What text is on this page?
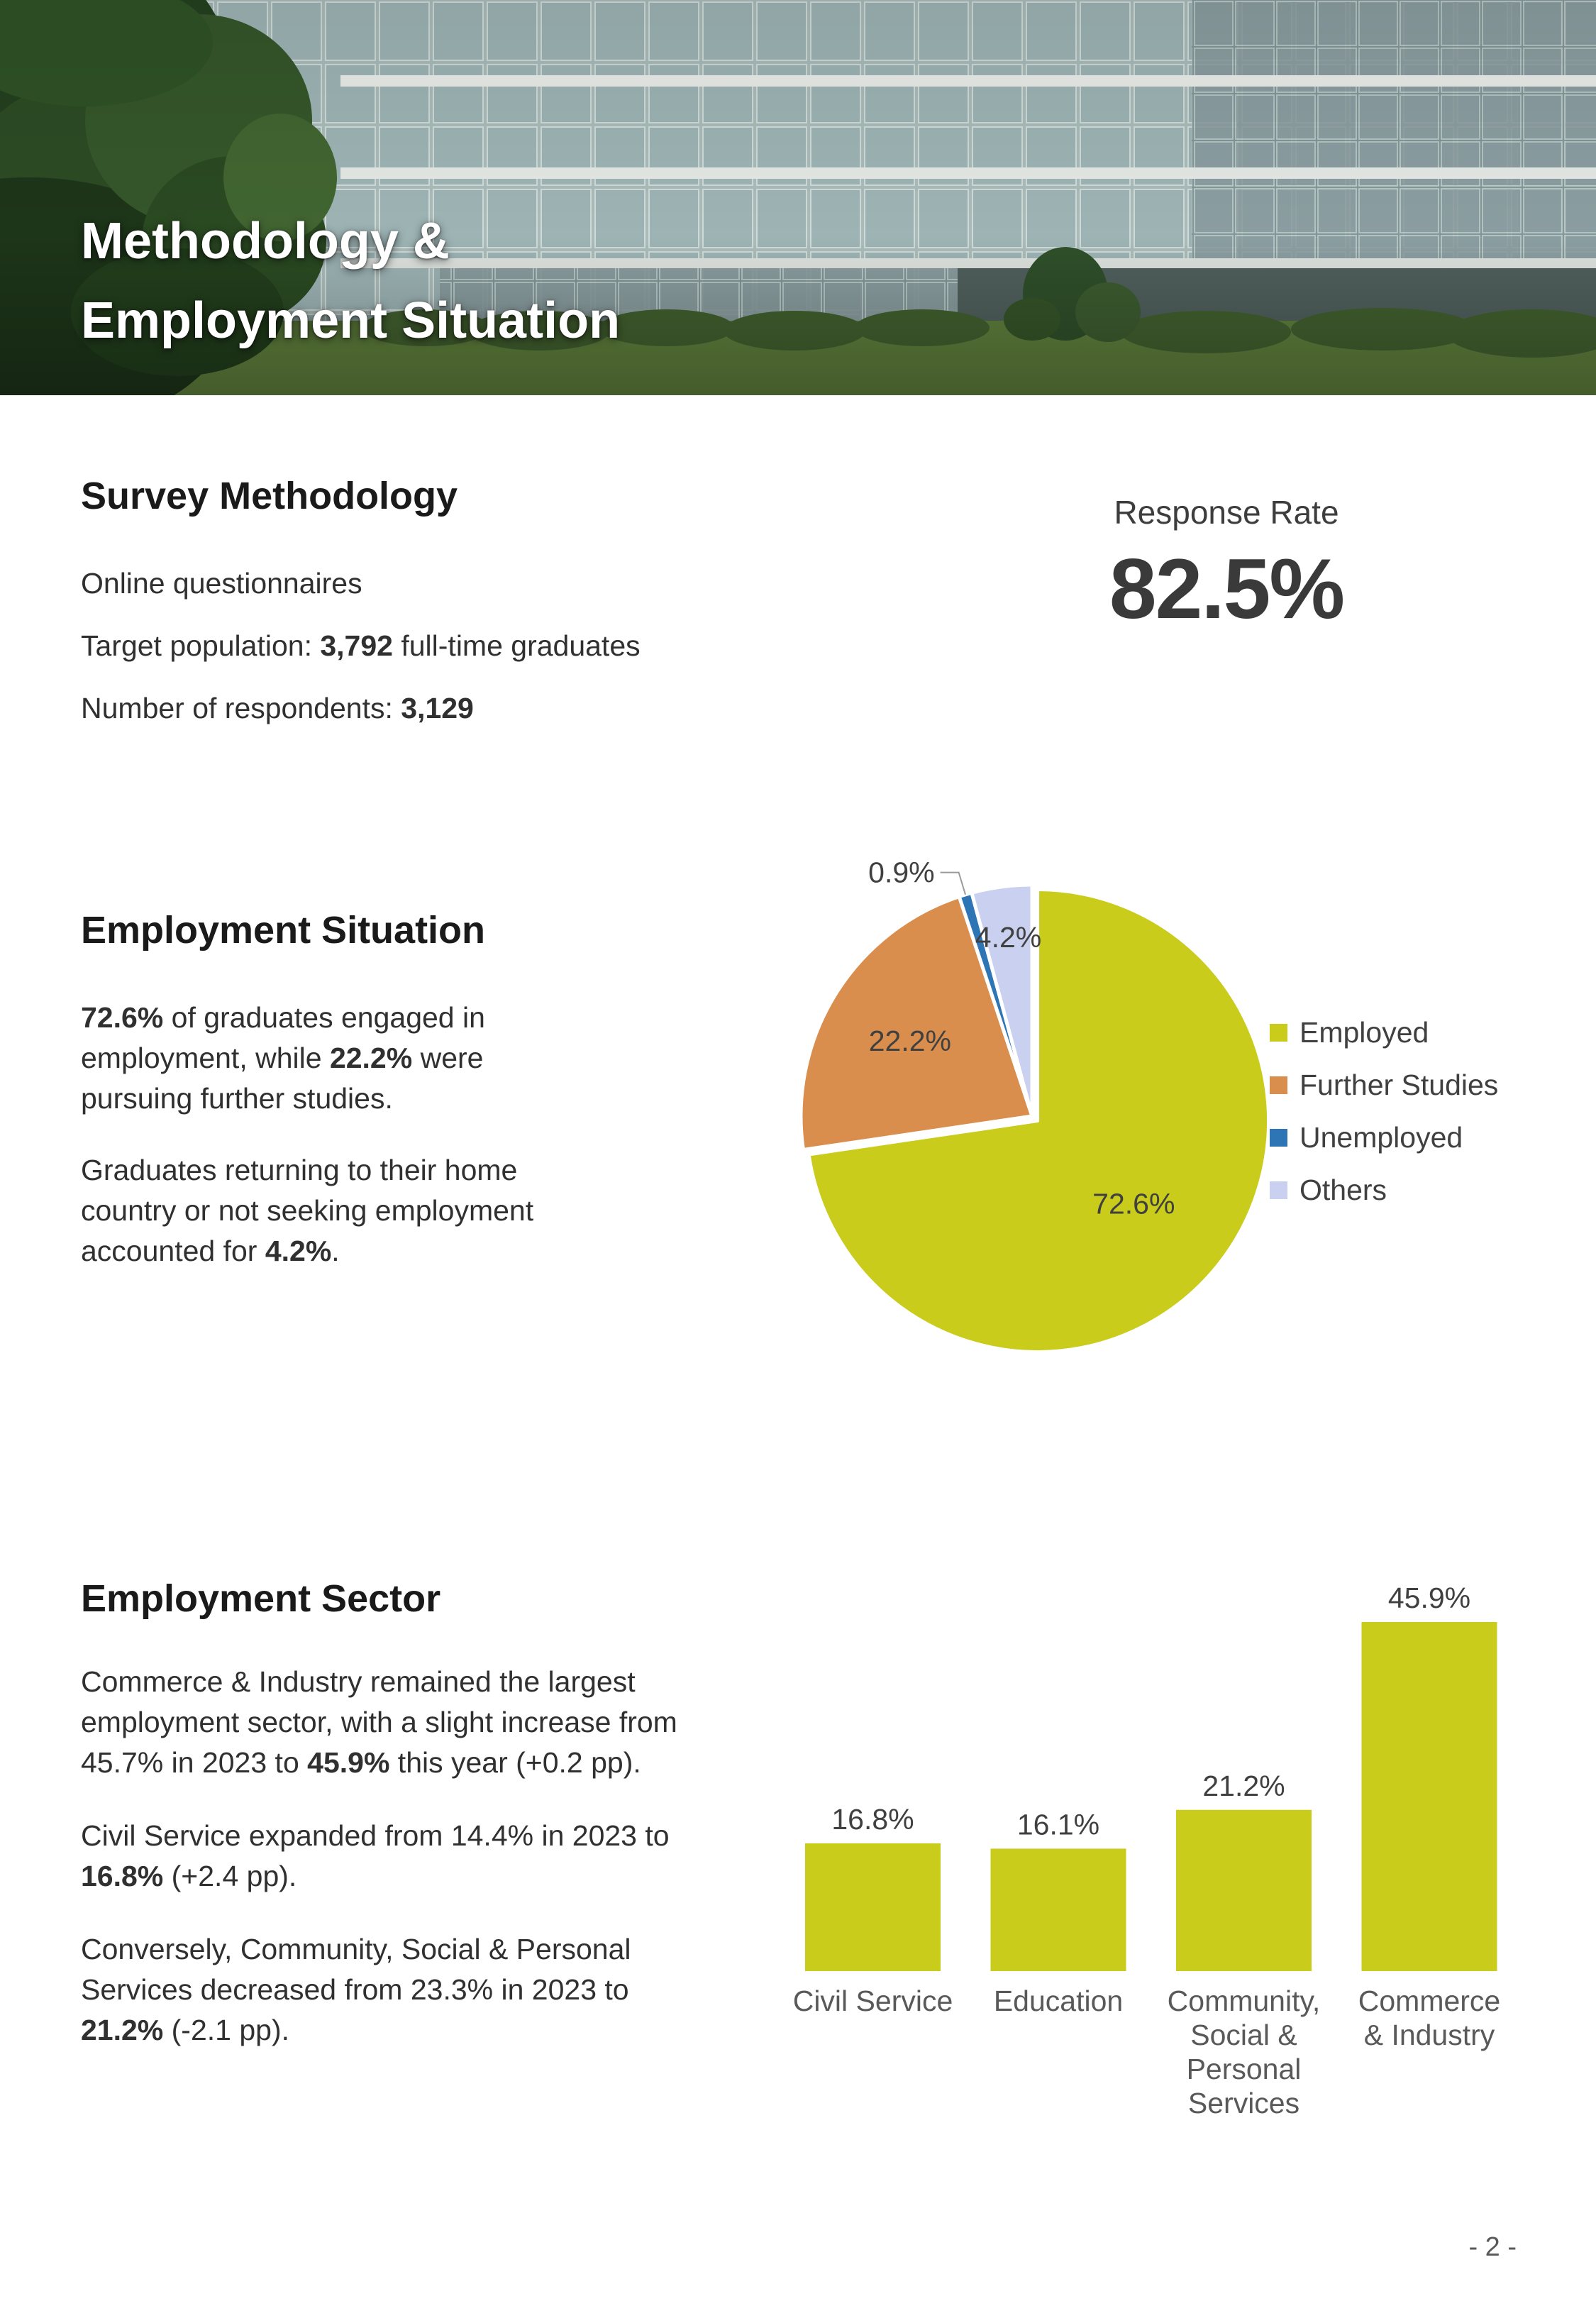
Methodology &
Employment Situation
Survey Methodology
Online questionnaires
Target population: 3,792 full-time graduates
Number of respondents: 3,129
Response Rate
82.5%
Employment Situation

72.6% of graduates engaged in employment, while 22.2% were pursuing further studies.

Graduates returning to their home country or not seeking employment accounted for 4.2%.

72.6%
22.2%
0.9%
4.2%
Employed
Further Studies
Unemployed
Others
Employment Sector

Commerce & Industry remained the largest employment sector, with a slight increase from 45.7% in 2023 to 45.9% this year (+0.2 pp).

Civil Service expanded from 14.4% in 2023 to 16.8% (+2.4 pp).

Conversely, Community, Social & Personal Services decreased from 23.3% in 2023 to 21.2% (-2.1 pp).

16.8%
Civil Service
16.1%
Education
21.2%
Community,
Social &
Personal
Services
45.9%
Commerce
& Industry
- 2 -
